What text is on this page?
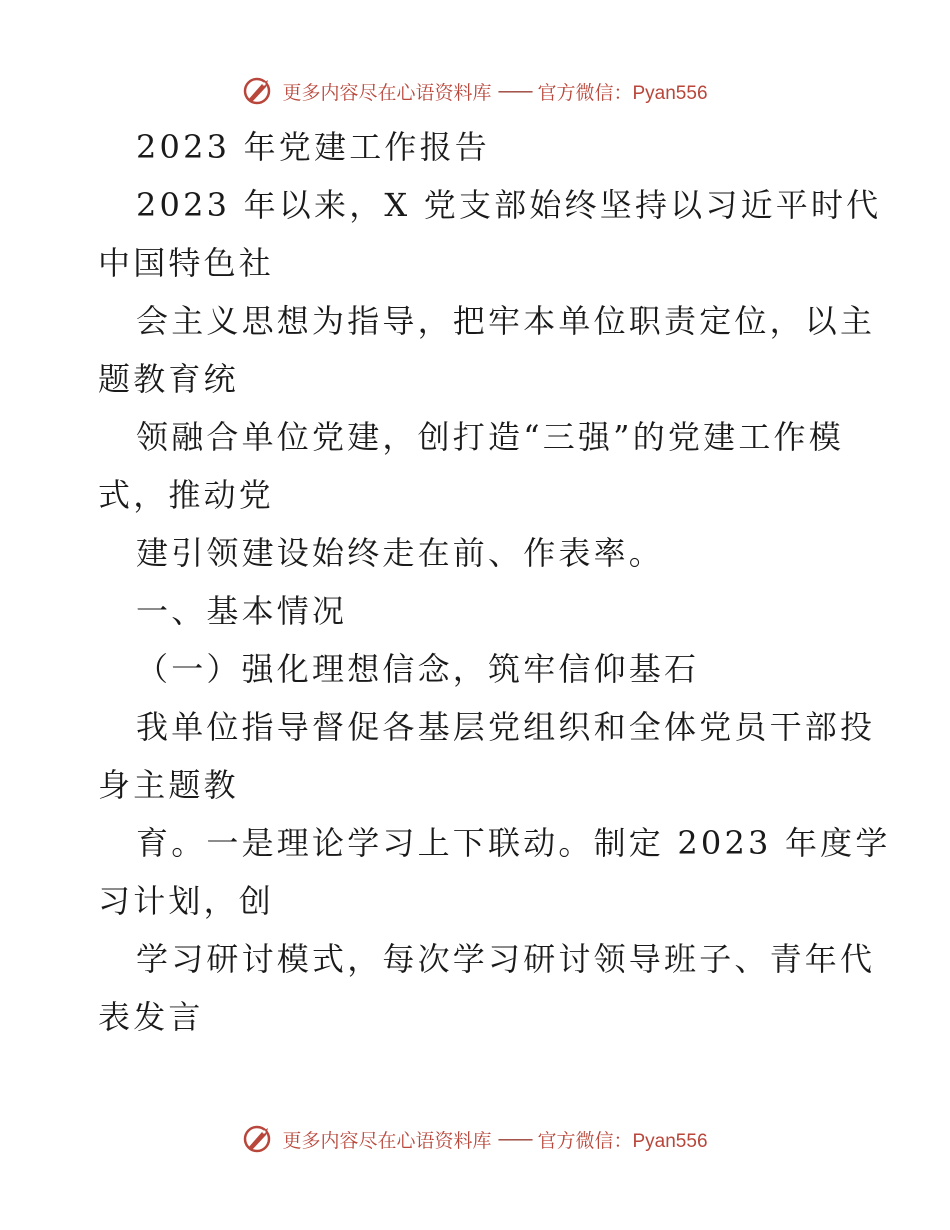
更多内容尽在心语资料库 —— 官方微信：Pyan556
2023 年党建工作报告
2023 年以来，X 党支部始终坚持以习近平时代
中国特色社
会主义思想为指导，把牢本单位职责定位，以主
题教育统
领融合单位党建，创打造“三强”的党建工作模
式，推动党
建引领建设始终走在前、作表率。
一、基本情况
（一）强化理想信念，筑牢信仰基石
我单位指导督促各基层党组织和全体党员干部投
身主题教
育。一是理论学习上下联动。制定 2023 年度学
习计划，创
学习研讨模式，每次学习研讨领导班子、青年代
表发言
更多内容尽在心语资料库 —— 官方微信：Pyan556
